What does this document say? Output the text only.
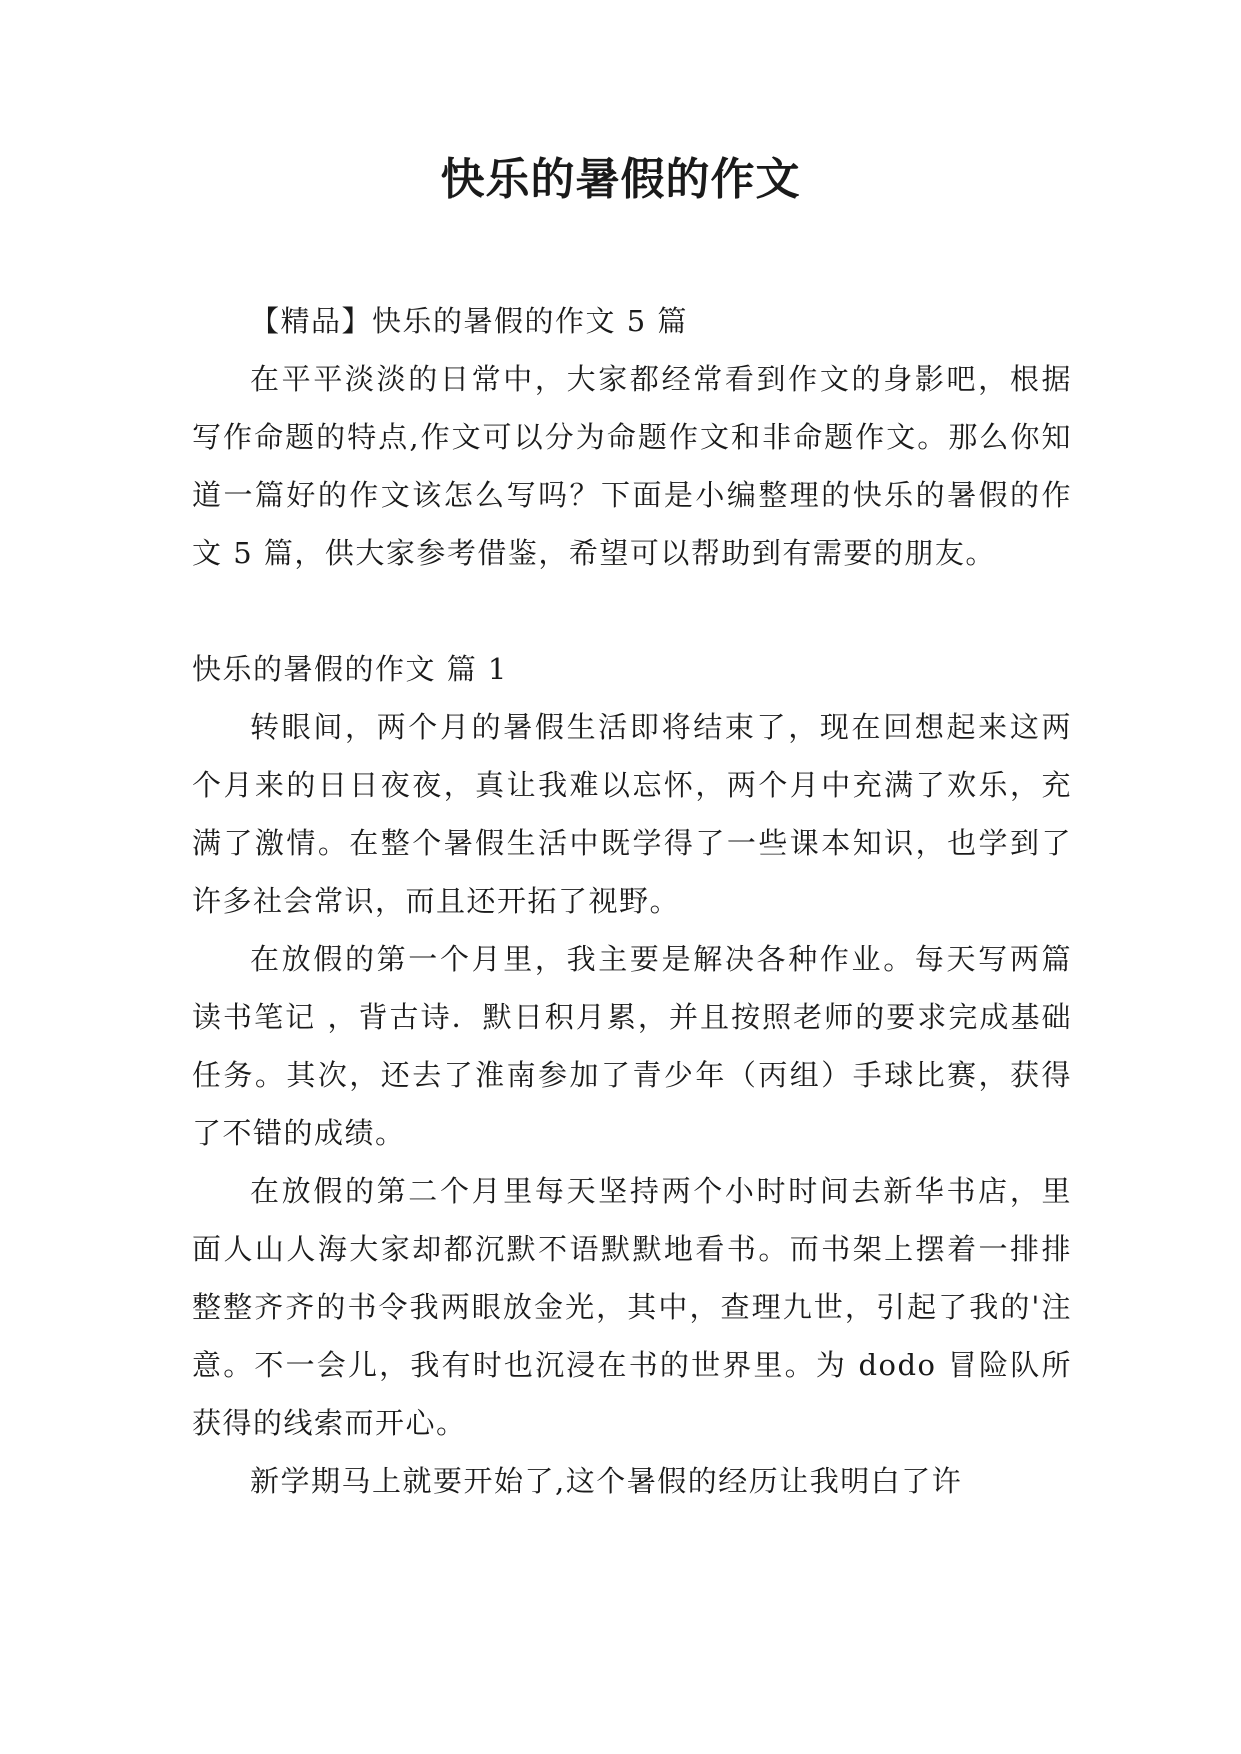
快乐的暑假的作文

【精品】快乐的暑假的作文 5 篇

在平平淡淡的日常中，大家都经常看到作文的身影吧，根据写作命题的特点,作文可以分为命题作文和非命题作文。那么你知道一篇好的作文该怎么写吗？下面是小编整理的快乐的暑假的作文 5 篇，供大家参考借鉴，希望可以帮助到有需要的朋友。

快乐的暑假的作文 篇 1

转眼间，两个月的暑假生活即将结束了，现在回想起来这两个月来的日日夜夜，真让我难以忘怀，两个月中充满了欢乐，充满了激情。在整个暑假生活中既学得了一些课本知识，也学到了许多社会常识，而且还开拓了视野。

在放假的第一个月里，我主要是解决各种作业。每天写两篇读书笔记 ，背古诗．默日积月累，并且按照老师的要求完成基础任务。其次，还去了淮南参加了青少年（丙组）手球比赛，获得了不错的成绩。

在放假的第二个月里每天坚持两个小时时间去新华书店，里面人山人海大家却都沉默不语默默地看书。而书架上摆着一排排整整齐齐的书令我两眼放金光，其中，查理九世，引起了我的'注意。不一会儿，我有时也沉浸在书的世界里。为 dodo 冒险队所获得的线索而开心。

新学期马上就要开始了,这个暑假的经历让我明白了许
